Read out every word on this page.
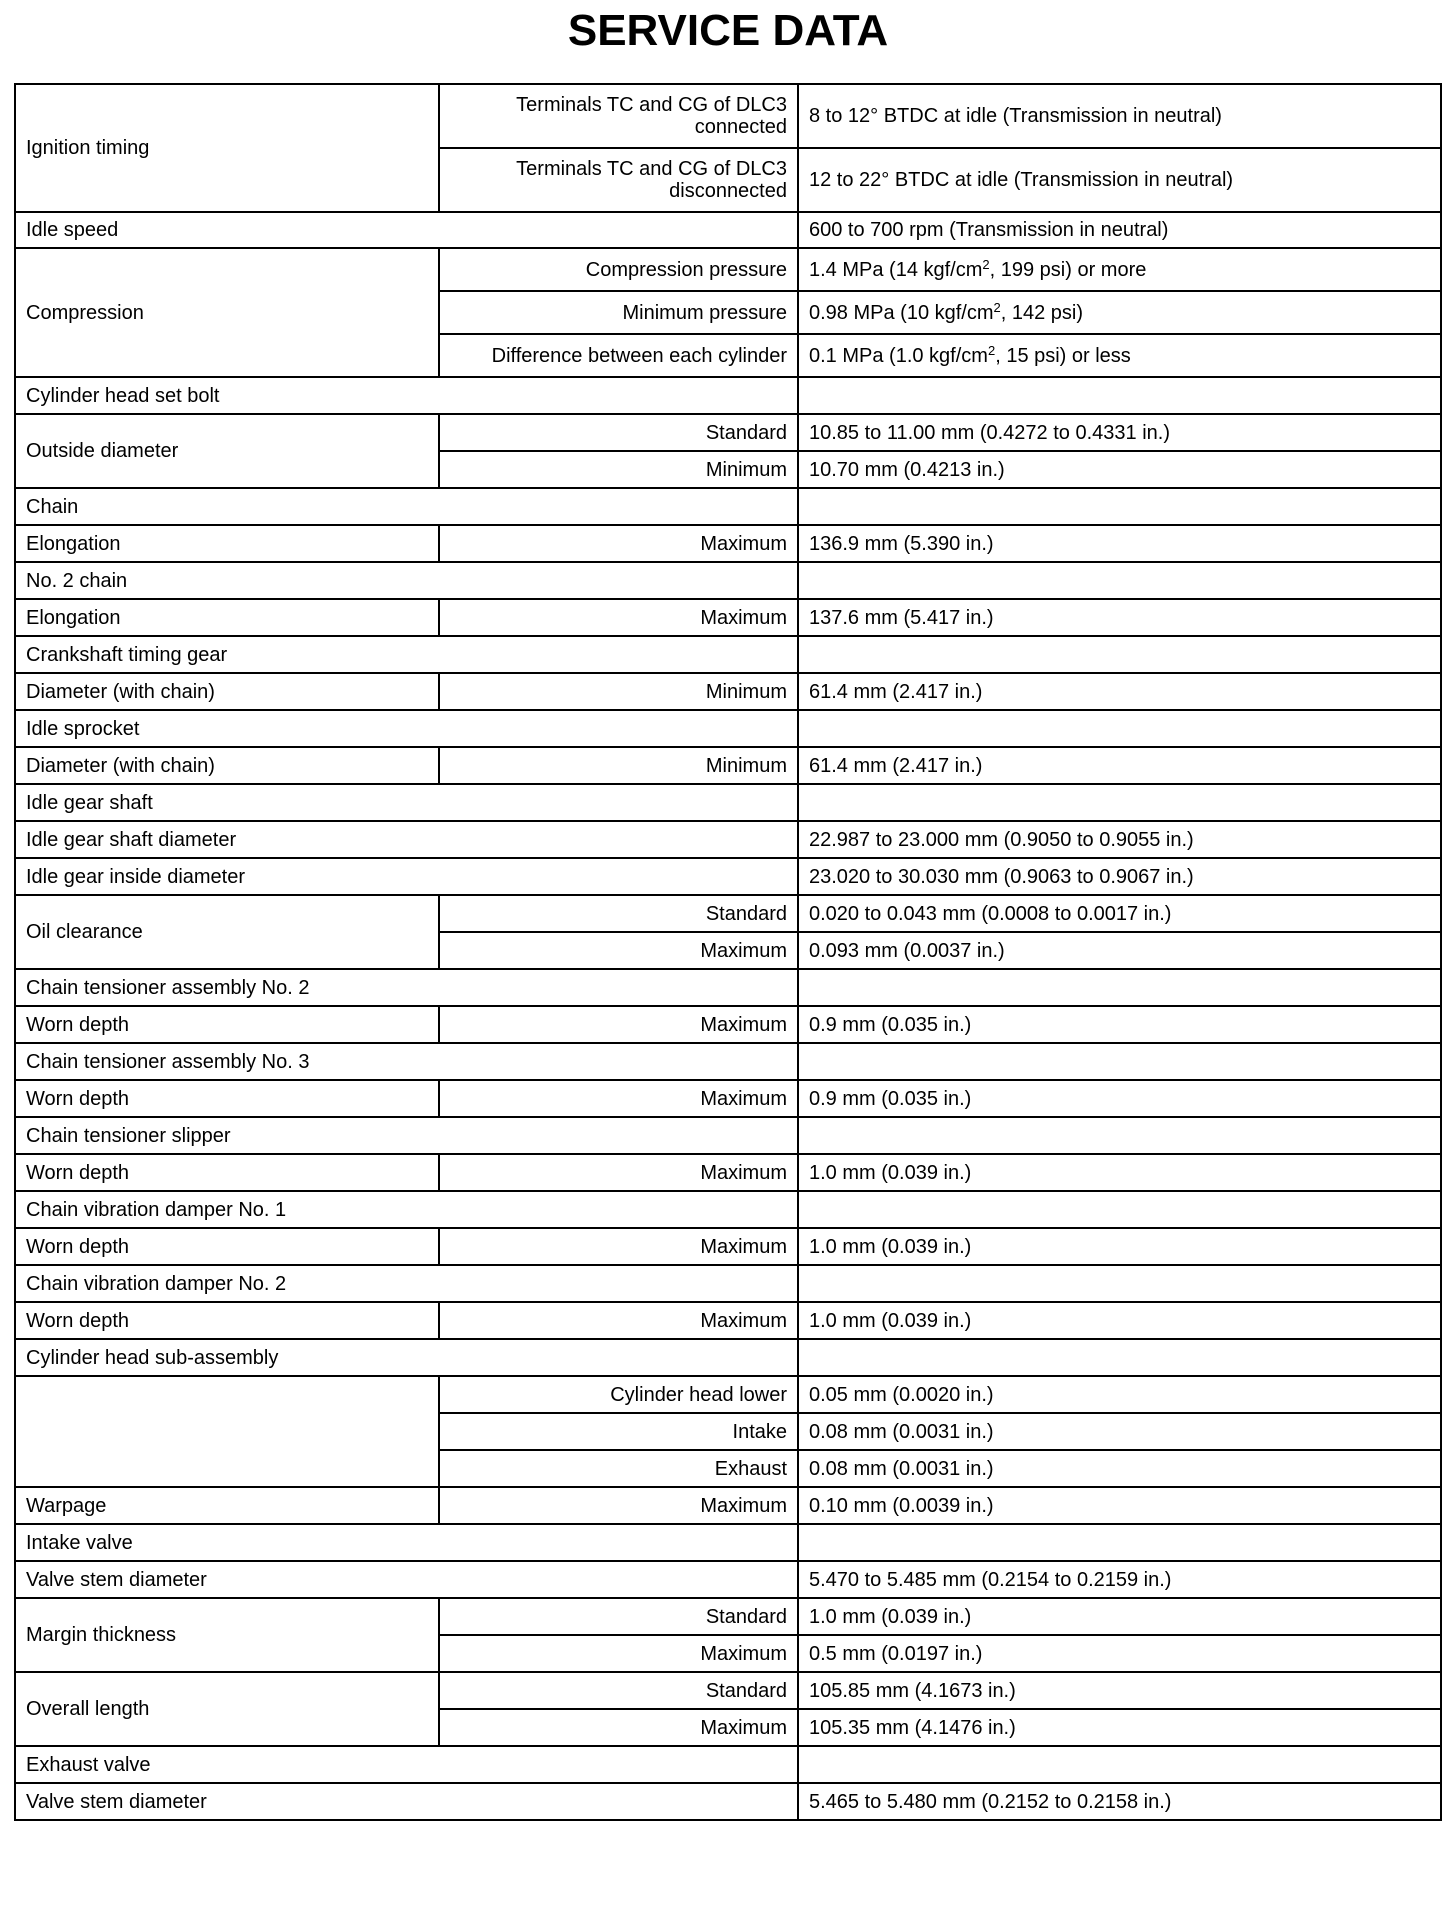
SERVICE DATA
Ignition timing	Terminals TC and CG of DLC3 connected	8 to 12° BTDC at idle (Transmission in neutral)
	Terminals TC and CG of DLC3 disconnected	12 to 22° BTDC at idle (Transmission in neutral)
Idle speed		600 to 700 rpm (Transmission in neutral)
Compression	Compression pressure	1.4 MPa (14 kgf/$cm^2$, 199 psi) or more
	Minimum pressure	0.98 MPa (10 kgf/$cm^2$, 142 psi)
	Difference between each cylinder	0.1 MPa (1.0 kgf/$cm^2$, 15 psi) or less
Cylinder head set bolt		
Outside diameter	Standard	10.85 to 11.00 mm (0.4272 to 0.4331 in.)
	Minimum	10.70 mm (0.4213 in.)
Chain		
Elongation	Maximum	136.9 mm (5.390 in.)
No. 2 chain		
Elongation	Maximum	137.6 mm (5.417 in.)
Crankshaft timing gear		
Diameter (with chain)	Minimum	61.4 mm (2.417 in.)
Idle sprocket		
Diameter (with chain)	Minimum	61.4 mm (2.417 in.)
Idle gear shaft		
Idle gear shaft diameter		22.987 to 23.000 mm (0.9050 to 0.9055 in.)
Idle gear inside diameter		23.020 to 30.030 mm (0.9063 to 0.9067 in.)
Oil clearance	Standard	0.020 to 0.043 mm (0.0008 to 0.0017 in.)
	Maximum	0.093 mm (0.0037 in.)
Chain tensioner assembly No. 2		
Worn depth	Maximum	0.9 mm (0.035 in.)
Chain tensioner assembly No. 3		
Worn depth	Maximum	0.9 mm (0.035 in.)
Chain tensioner slipper		
Worn depth	Maximum	1.0 mm (0.039 in.)
Chain vibration damper No. 1		
Worn depth	Maximum	1.0 mm (0.039 in.)
Chain vibration damper No. 2		
Worn depth	Maximum	1.0 mm (0.039 in.)
Cylinder head sub-assembly		
	Cylinder head lower	0.05 mm (0.0020 in.)
	Intake	0.08 mm (0.0031 in.)
	Exhaust	0.08 mm (0.0031 in.)
Warpage	Maximum	0.10 mm (0.0039 in.)
Intake valve		
Valve stem diameter		5.470 to 5.485 mm (0.2154 to 0.2159 in.)
Margin thickness	Standard	1.0 mm (0.039 in.)
	Maximum	0.5 mm (0.0197 in.)
Overall length	Standard	105.85 mm (4.1673 in.)
	Maximum	105.35 mm (4.1476 in.)
Exhaust valve		
Valve stem diameter		5.465 to 5.480 mm (0.2152 to 0.2158 in.)
